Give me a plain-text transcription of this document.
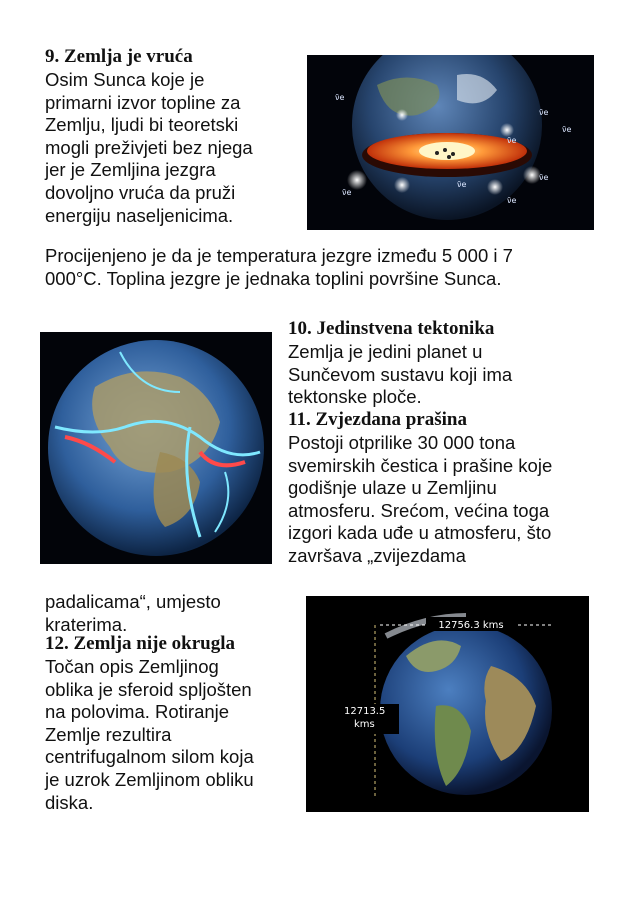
9. Zemlja je vruća
Osim Sunca koje je
primarni izvor topline za
Zemlju, ljudi bi teoretski
mogli preživjeti bez njega
jer je Zemljina jezgra
dovoljno vruća da pruži
energiju naseljenicima.
Procijenjeno je da je temperatura jezgre između 5 000 i 7
000°C. Toplina jezgre je jednaka toplini površine Sunca.
ν̄e
ν̄e
ν̄e
ν̄e
ν̄e
ν̄e
ν̄e
ν̄e
10. Jedinstvena tektonika
Zemlja je jedini planet u
Sunčevom sustavu koji ima
tektonske ploče.
11. Zvjezdana prašina
Postoji otprilike 30 000 tona
svemirskih čestica i prašine koje
godišnje ulaze u Zemljinu
atmosferu. Srećom, većina toga
izgori kada uđe u atmosferu, što
završava „zvijezdama
padalicama“, umjesto
kraterima.
12. Zemlja nije okrugla
Točan opis Zemljinog
oblika je sferoid spljošten
na polovima. Rotiranje
Zemlje rezultira
centrifugalnom silom koja
je uzrok Zemljinom obliku
diska.
12756.3 kms
12713.5
kms
